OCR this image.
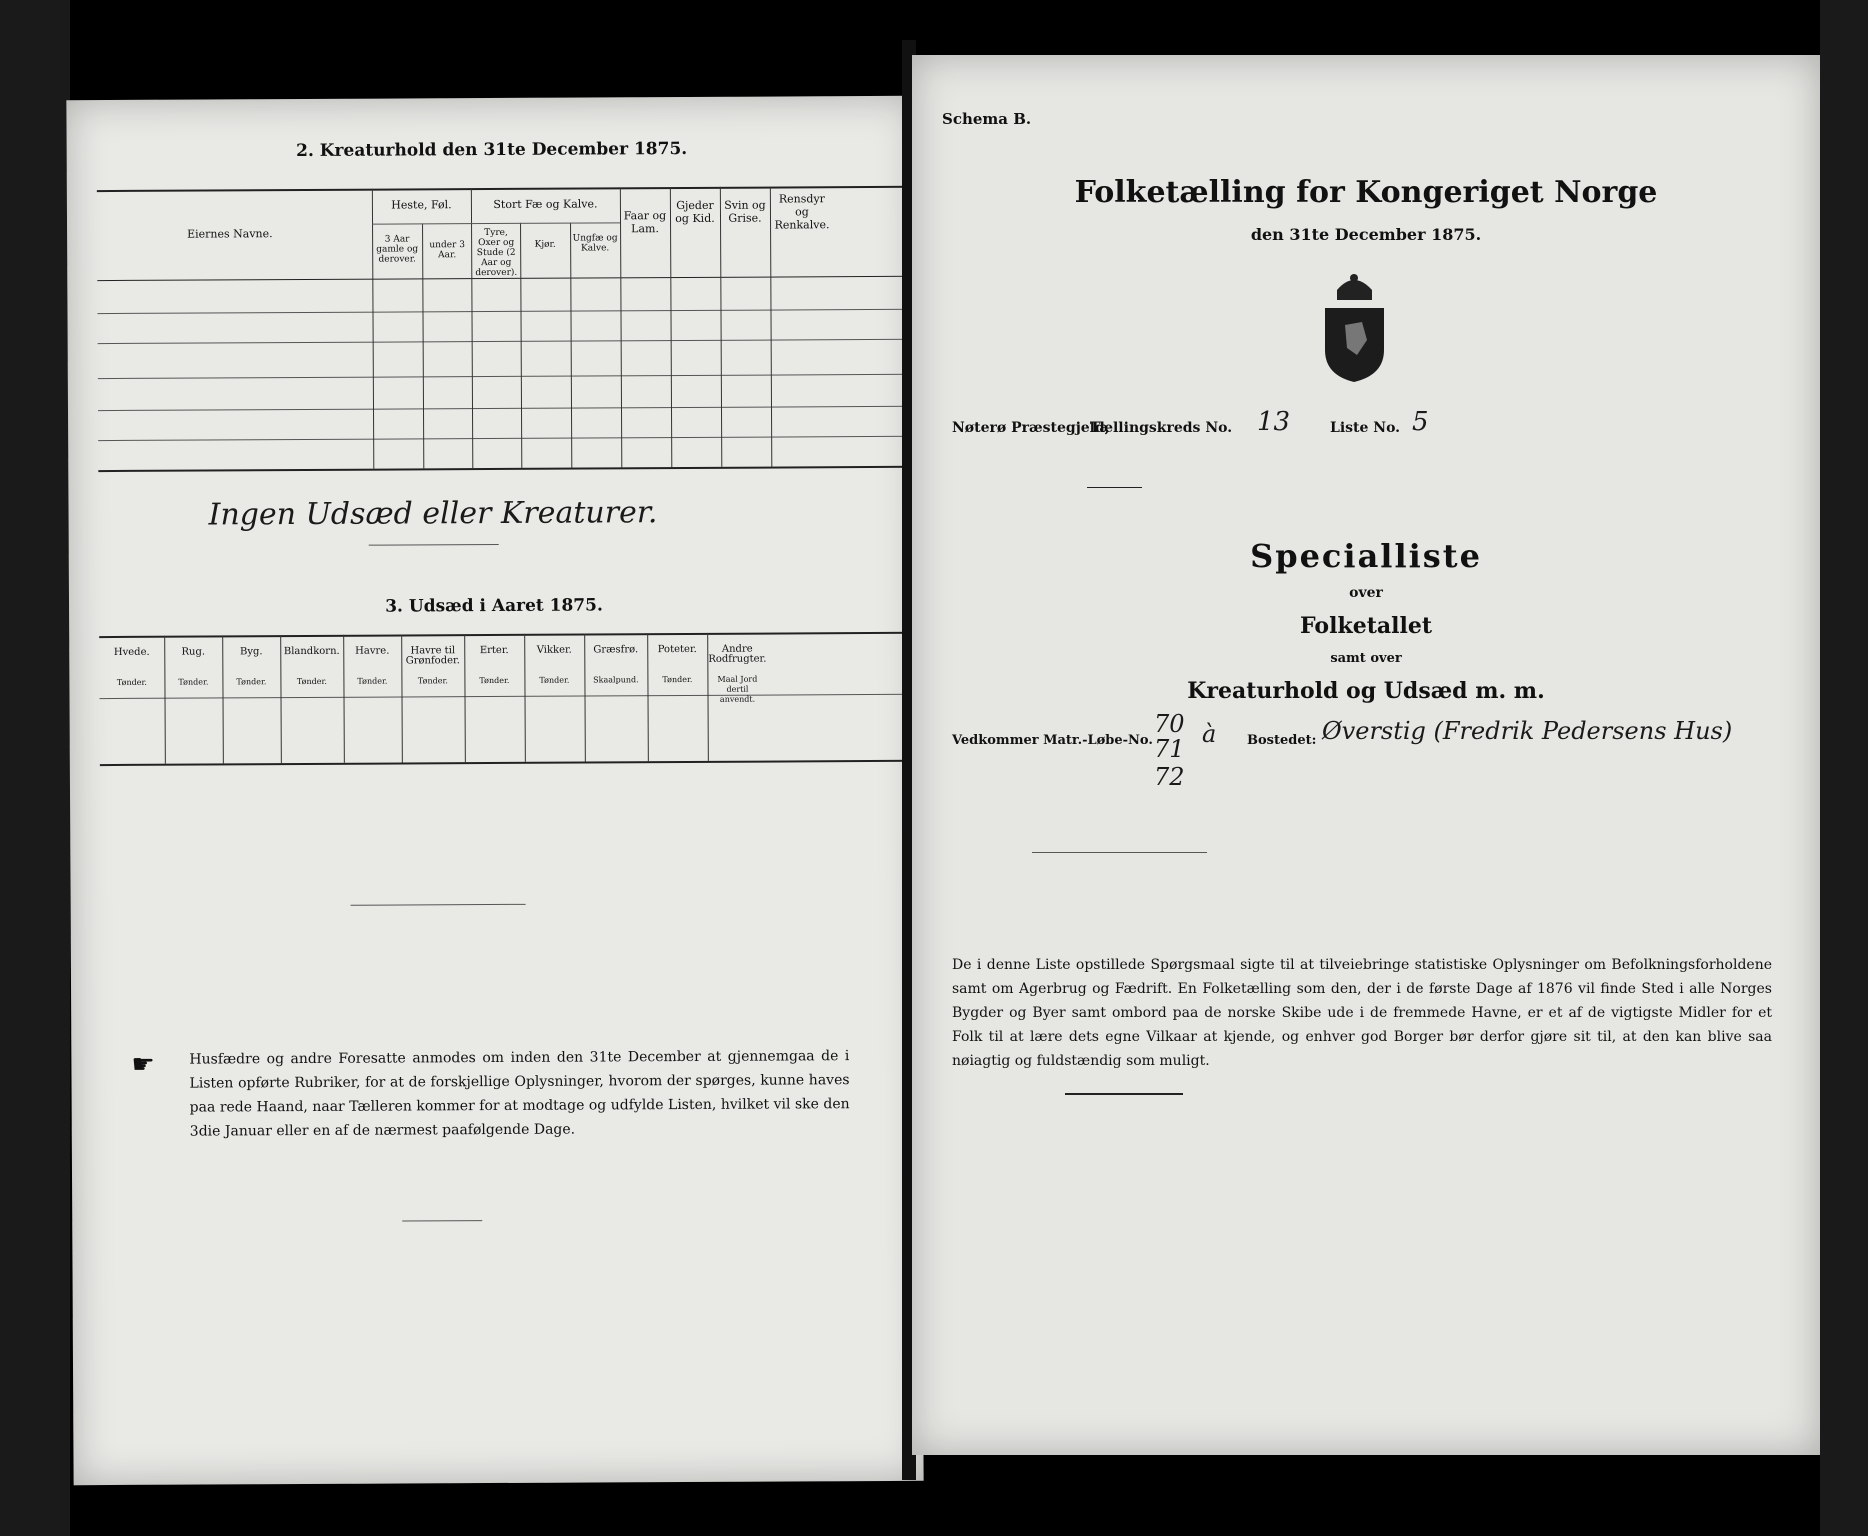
2. Kreaturhold den 31te December 1875.
Eiernes Navne.
Heste, Føl.
3 Aar gamle og derover.
under 3 Aar.
Stort Fæ og Kalve.
Tyre, Oxer og Stude (2 Aar og derover).
Kjør.
Ungfæ og Kalve.
Faar og Lam.
Gjeder og Kid.
Svin og Grise.
Rensdyr og Renkalve.
Ingen Udsæd eller Kreaturer.
3. Udsæd i Aaret 1875.
☛ Husfædre og andre Foresatte anmodes om inden den 31te December at gjennemgaa de i Listen opførte Rubriker, for at de forskjellige Oplysninger, hvorom der spørges, kunne haves paa rede Haand, naar Tælleren kommer for at modtage og udfylde Listen, hvilket vil ske den 3die Januar eller en af de nærmest paafølgende Dage.
Hvede.
Tønder.
Rug.
Tønder.
Byg.
Tønder.
Blandkorn.
Tønder.
Havre.
Tønder.
Havre til Grønfoder.
Tønder.
Erter.
Tønder.
Vikker.
Tønder.
Græsfrø.
Skaalpund.
Poteter.
Tønder.
Andre Rodfrugter.
Maal Jord dertil anvendt.
Schema B.
Folketælling for Kongeriget Norge
den 31te December 1875.
Nøterø Præstegjeld,
Tællingskreds No. 13	Liste No. 5
Specialliste
over
Folketallet
samt over
Kreaturhold og Udsæd m. m.
Vedkommer Matr.-Løbe-No.
70
71
72
à Bostedet: Øverstig (Fredrik Pedersens Hus)
De i denne Liste opstillede Spørgsmaal sigte til at tilveiebringe statistiske Oplysninger om Befolkningsforholdene samt om Agerbrug og Fædrift. En Folketælling som den, der i de første Dage af 1876 vil finde Sted i alle Norges Bygder og Byer samt ombord paa de norske Skibe ude i de fremmede Havne, er et af de vigtigste Midler for et Folk til at lære dets egne Vilkaar at kjende, og enhver god Borger bør derfor gjøre sit til, at den kan blive saa nøiagtig og fuldstændig som muligt.
